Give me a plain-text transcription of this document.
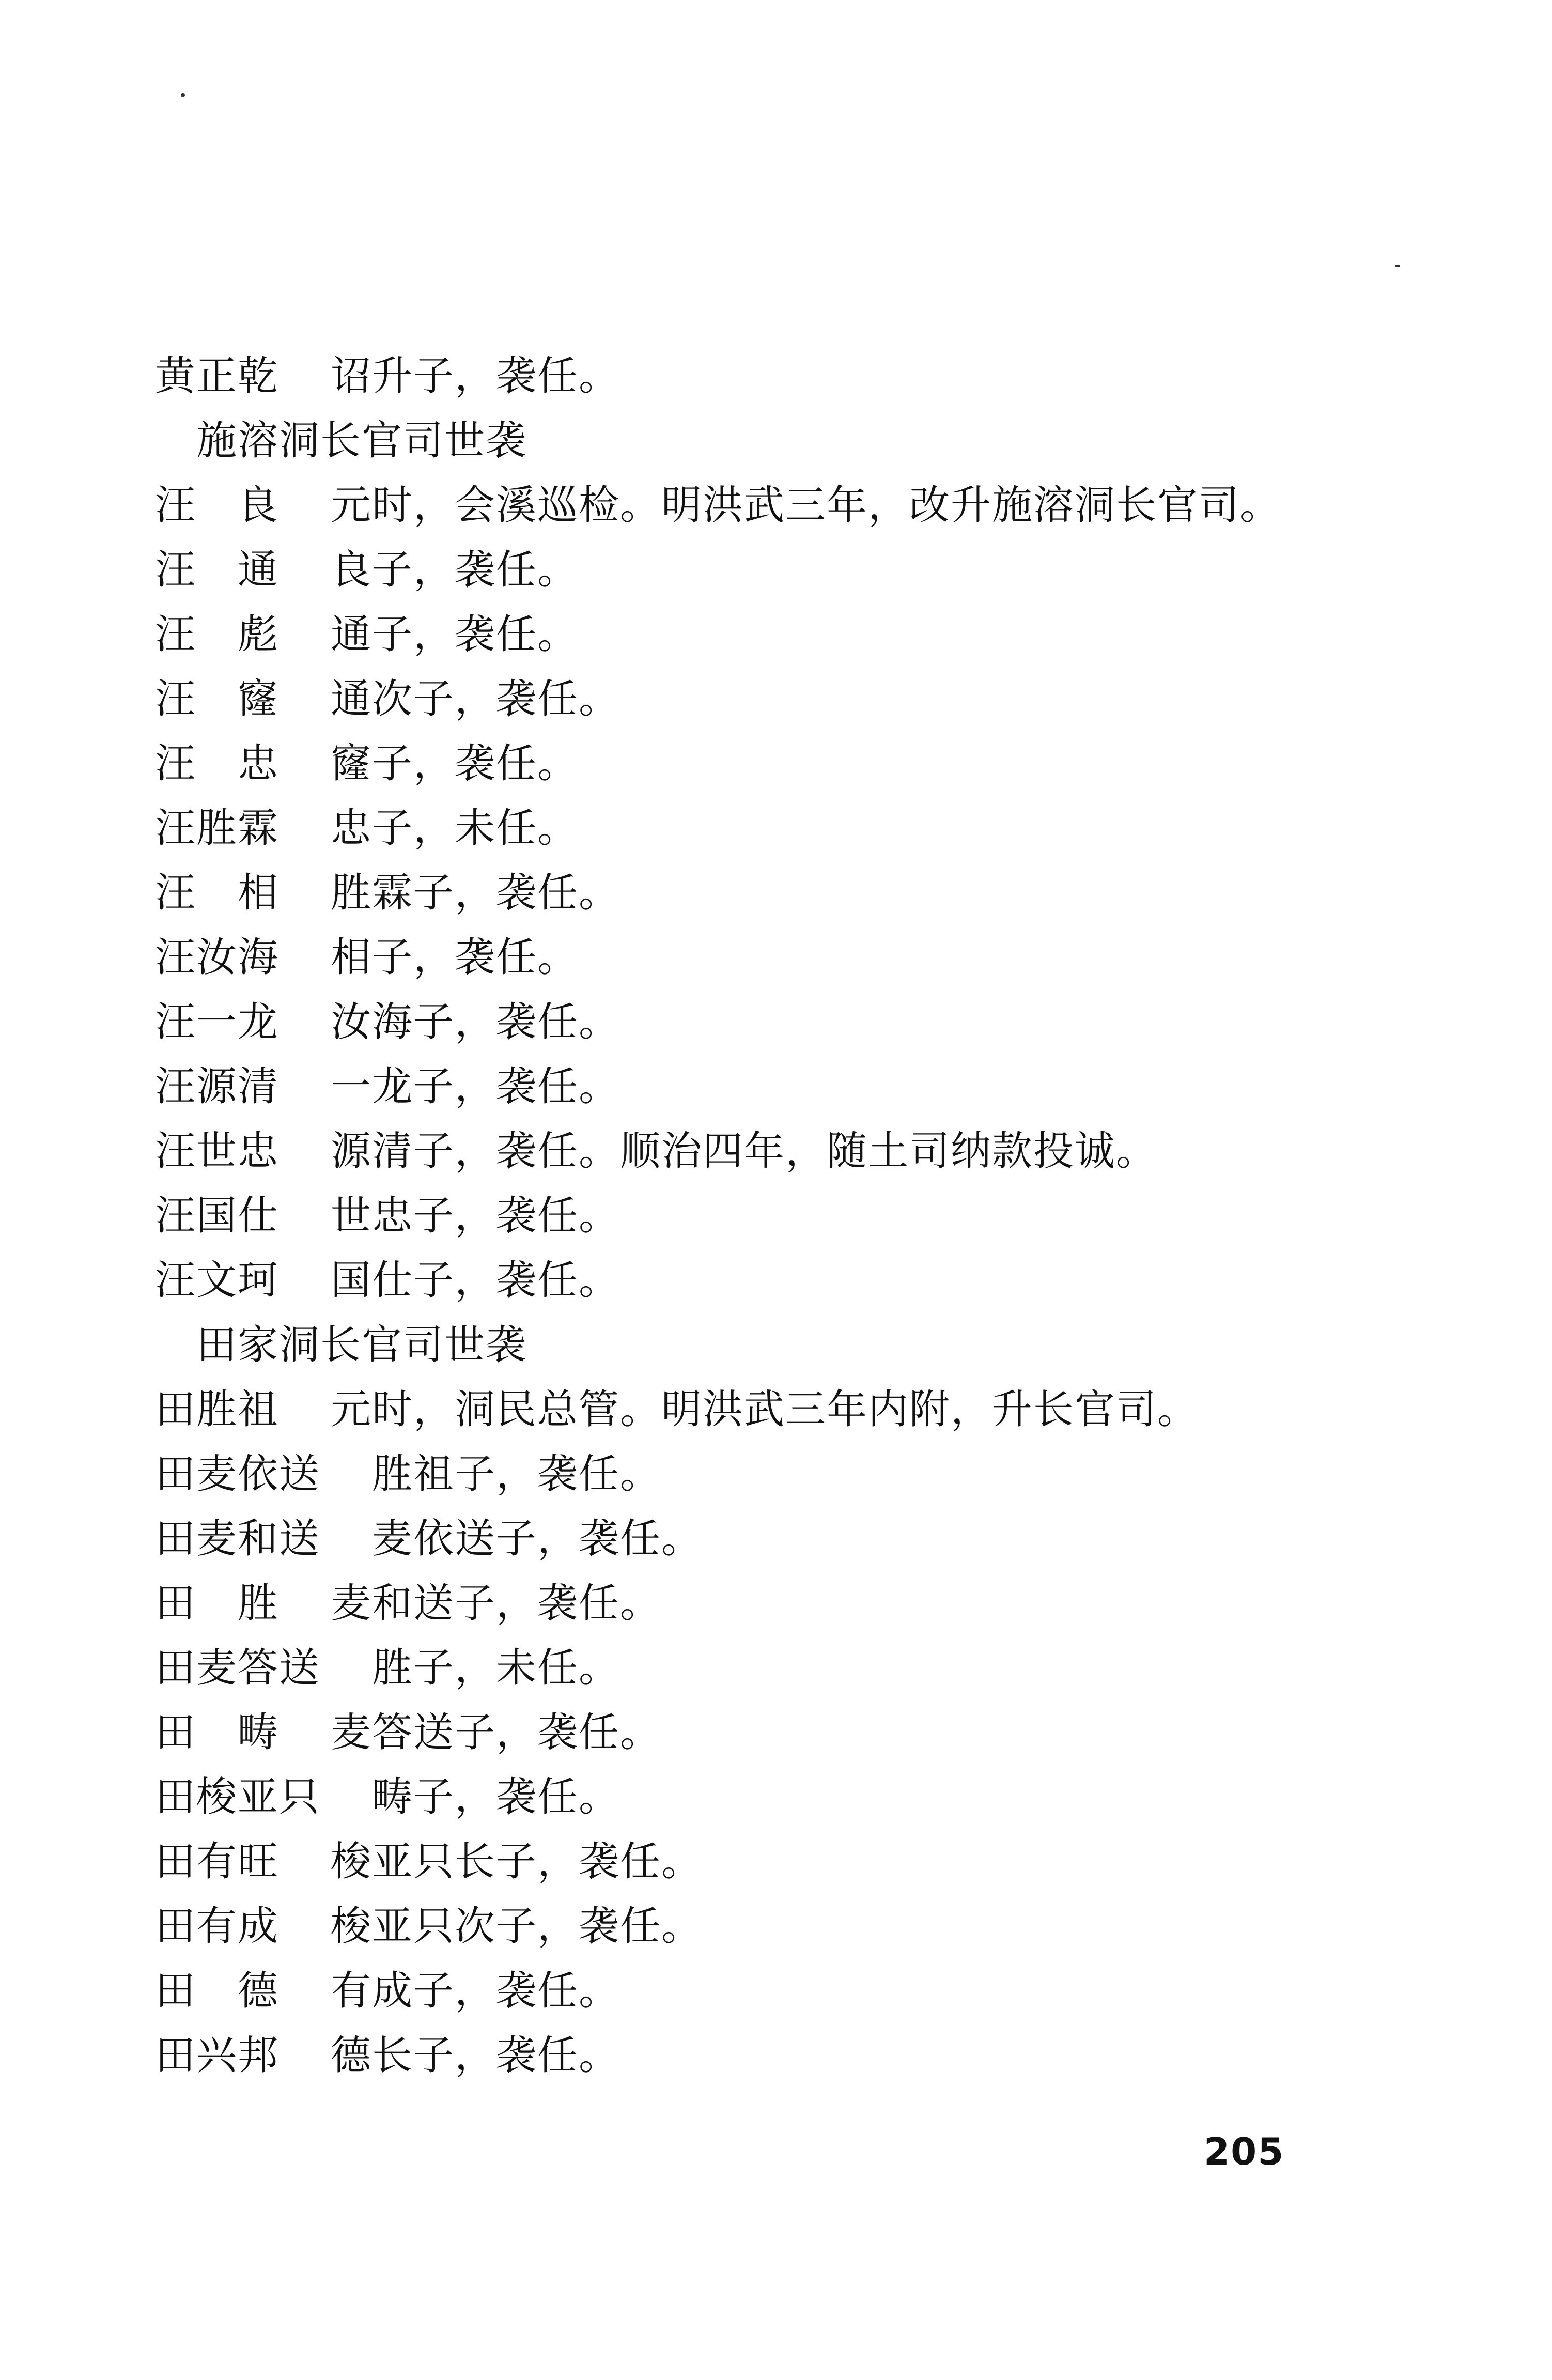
黄正乾 诏升子，袭任。
施溶洞长官司世袭
汪　良 元时，会溪巡检。明洪武三年，改升施溶洞长官司。
汪　通 良子，袭任。
汪　彪 通子，袭任。
汪　窿 通次子，袭任。
汪　忠 窿子，袭任。
汪胜霖 忠子，未任。
汪　相 胜霖子，袭任。
汪汝海 相子，袭任。
汪一龙 汝海子，袭任。
汪源清 一龙子，袭任。
汪世忠 源清子，袭任。顺治四年，随土司纳款投诚。
汪国仕 世忠子，袭任。
汪文珂 国仕子，袭任。
田家洞长官司世袭
田胜祖 元时，洞民总管。明洪武三年内附，升长官司。
田麦依送 胜祖子，袭任。
田麦和送 麦依送子，袭任。
田　胜 麦和送子，袭任。
田麦答送 胜子，未任。
田　畴 麦答送子，袭任。
田梭亚只 畴子，袭任。
田有旺 梭亚只长子，袭任。
田有成 梭亚只次子，袭任。
田　德 有成子，袭任。
田兴邦 德长子，袭任。
205
